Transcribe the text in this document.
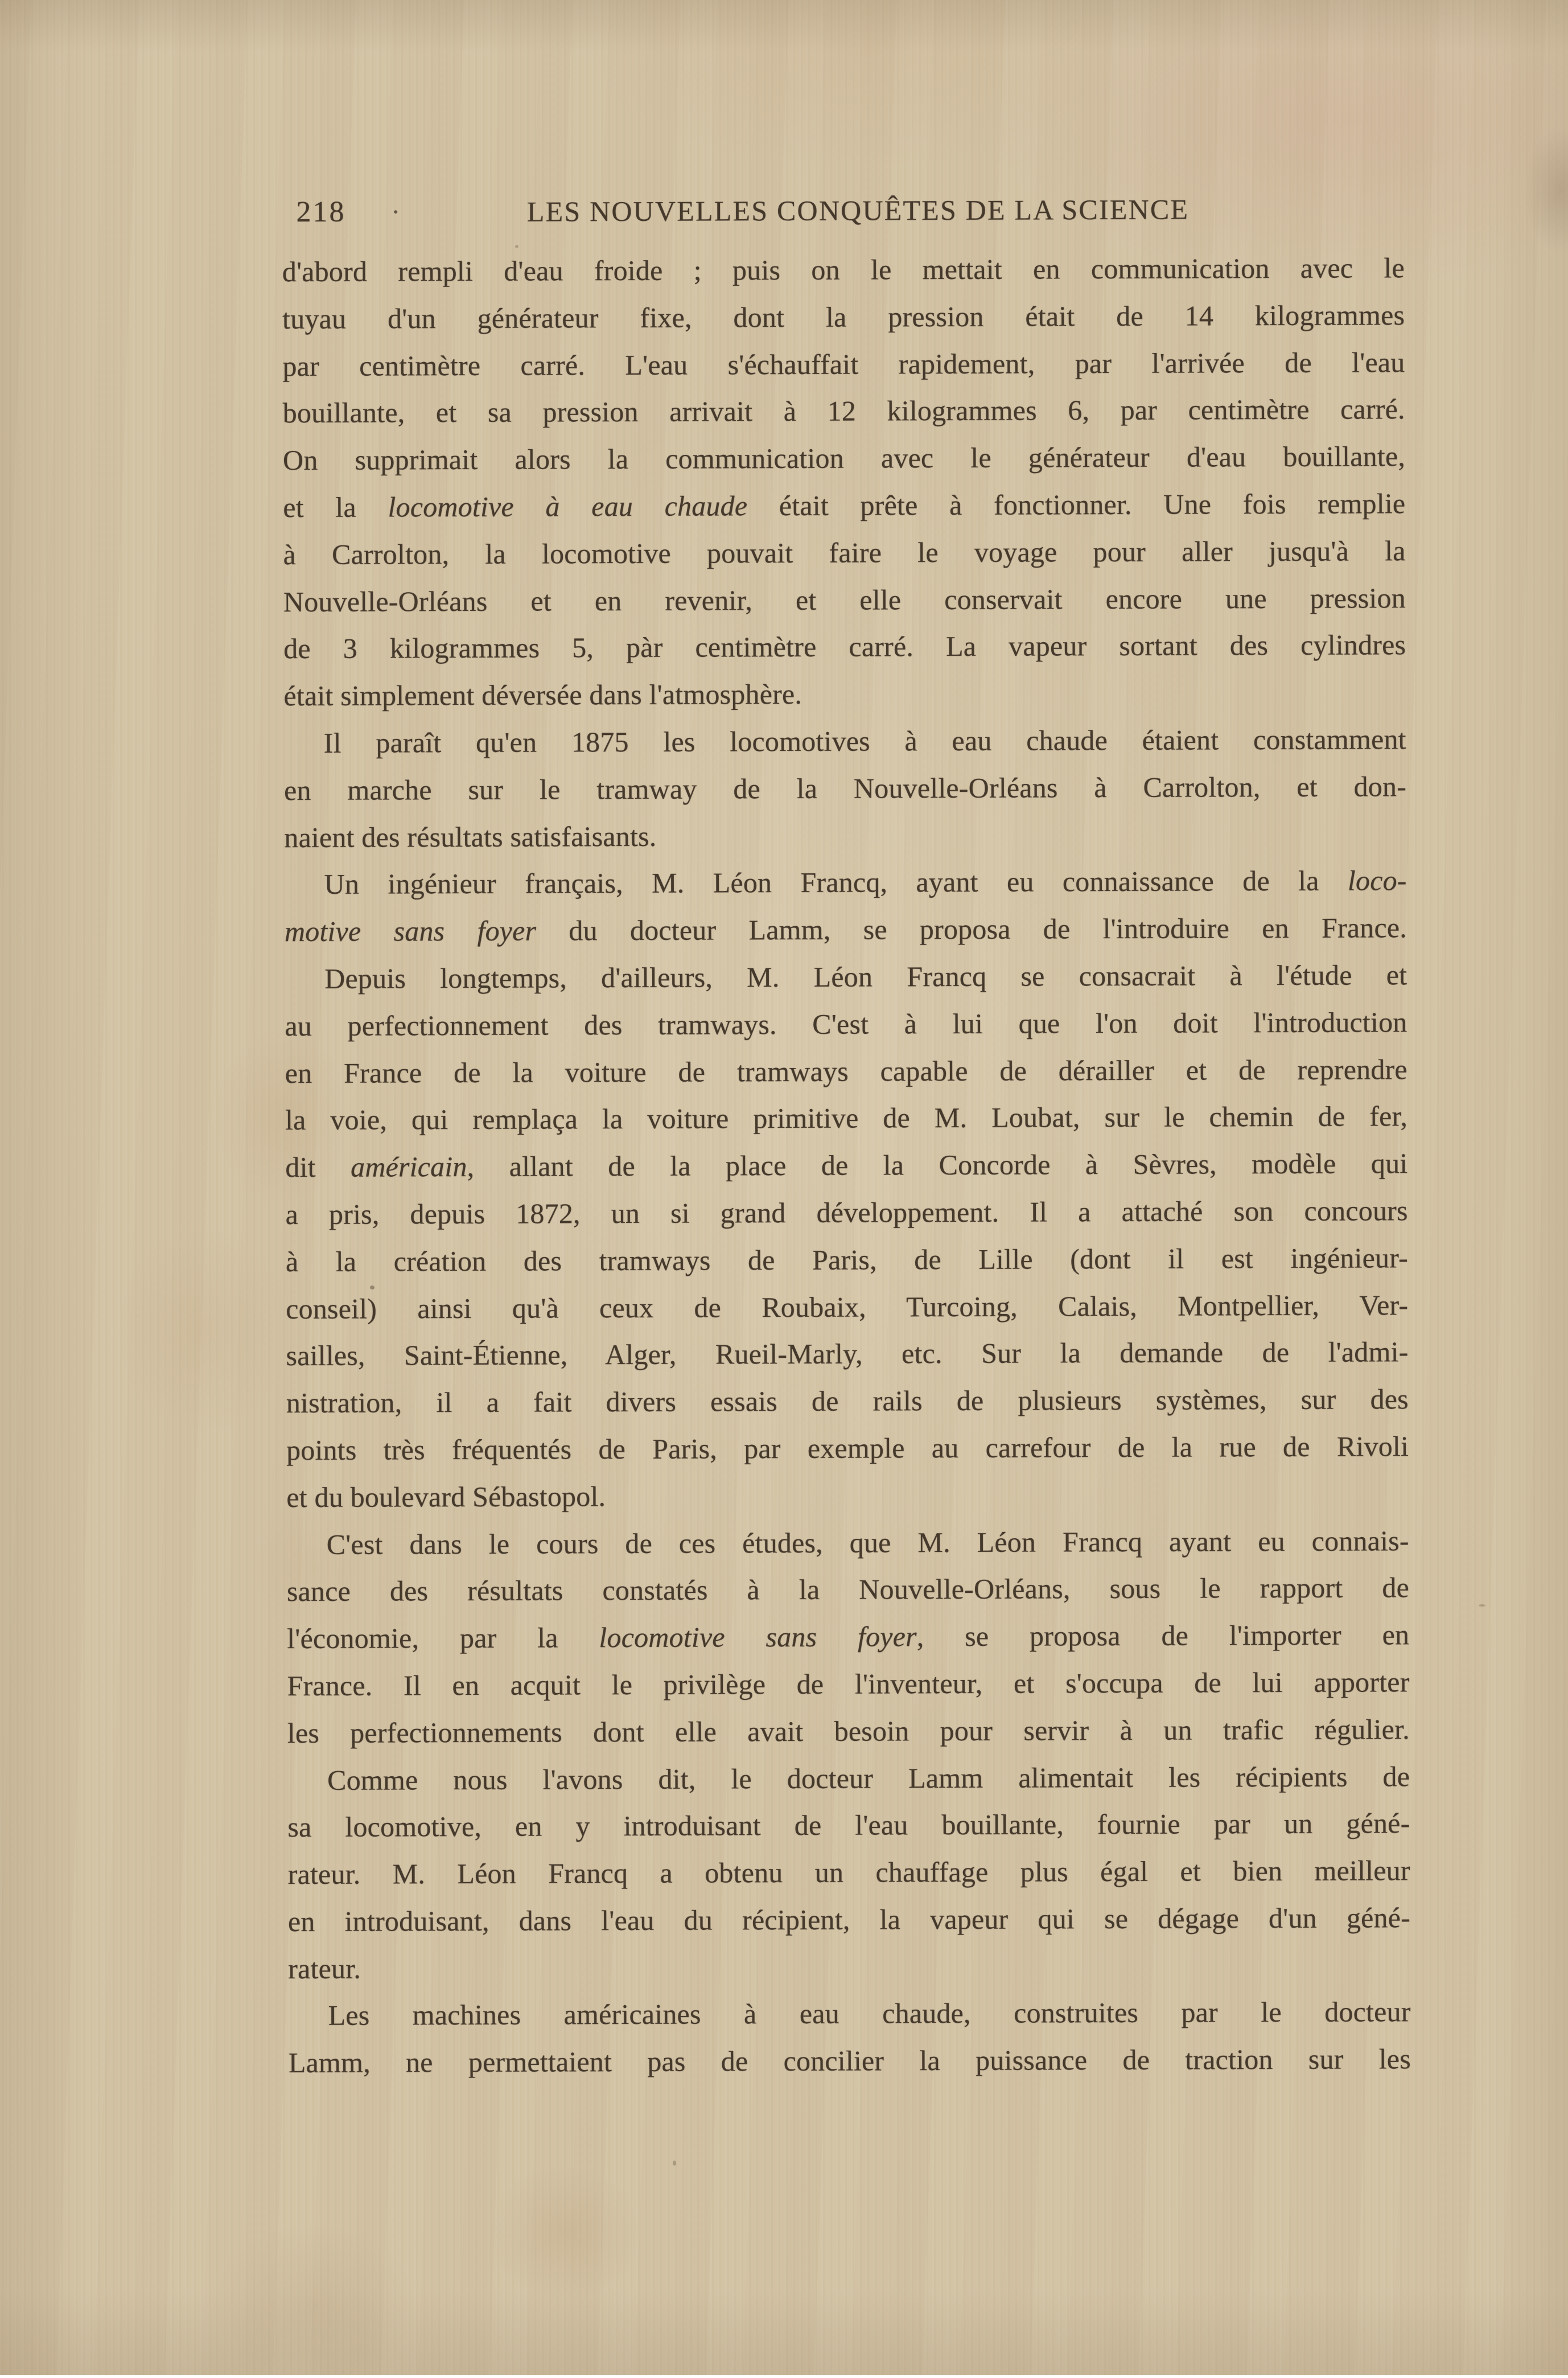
218 ·	LES NOUVELLES CONQUÊTES DE LA SCIENCE
d'abord rempli d'eau froide ; puis on le mettait en communication avec le
tuyau d'un générateur fixe, dont la pression était de 14 kilogrammes
par centimètre carré. L'eau s'échauffait rapidement, par l'arrivée de l'eau
bouillante, et sa pression arrivait à 12 kilogrammes 6, par centimètre carré.
On supprimait alors la communication avec le générateur d'eau bouillante,
et la locomotive à eau chaude était prête à fonctionner. Une fois remplie
à Carrolton, la locomotive pouvait faire le voyage pour aller jusqu'à la
Nouvelle-Orléans et en revenir, et elle conservait encore une pression
de 3 kilogrammes 5, pàr centimètre carré. La vapeur sortant des cylindres
était simplement déversée dans l'atmosphère.
Il paraît qu'en 1875 les locomotives à eau chaude étaient constamment
en marche sur le tramway de la Nouvelle-Orléans à Carrolton, et don-
naient des résultats satisfaisants.
Un ingénieur français, M. Léon Francq, ayant eu connaissance de la loco-
motive sans foyer du docteur Lamm, se proposa de l'introduire en France.
Depuis longtemps, d'ailleurs, M. Léon Francq se consacrait à l'étude et
au perfectionnement des tramways. C'est à lui que l'on doit l'introduction
en France de la voiture de tramways capable de dérailler et de reprendre
la voie, qui remplaça la voiture primitive de M. Loubat, sur le chemin de fer,
dit américain, allant de la place de la Concorde à Sèvres, modèle qui
a pris, depuis 1872, un si grand développement. Il a attaché son concours
à la création des tramways de Paris, de Lille (dont il est ingénieur-
conseil) ainsi qu'à ceux de Roubaix, Turcoing, Calais, Montpellier, Ver-
sailles, Saint-Étienne, Alger, Rueil-Marly, etc. Sur la demande de l'admi-
nistration, il a fait divers essais de rails de plusieurs systèmes, sur des
points très fréquentés de Paris, par exemple au carrefour de la rue de Rivoli
et du boulevard Sébastopol.
C'est dans le cours de ces études, que M. Léon Francq ayant eu connais-
sance des résultats constatés à la Nouvelle-Orléans, sous le rapport de
l'économie, par la locomotive sans foyer, se proposa de l'importer en
France. Il en acquit le privilège de l'inventeur, et s'occupa de lui apporter
les perfectionnements dont elle avait besoin pour servir à un trafic régulier.
Comme nous l'avons dit, le docteur Lamm alimentait les récipients de
sa locomotive, en y introduisant de l'eau bouillante, fournie par un géné-
rateur. M. Léon Francq a obtenu un chauffage plus égal et bien meilleur
en introduisant, dans l'eau du récipient, la vapeur qui se dégage d'un géné-
rateur.
Les machines américaines à eau chaude, construites par le docteur
Lamm, ne permettaient pas de concilier la puissance de traction sur les
